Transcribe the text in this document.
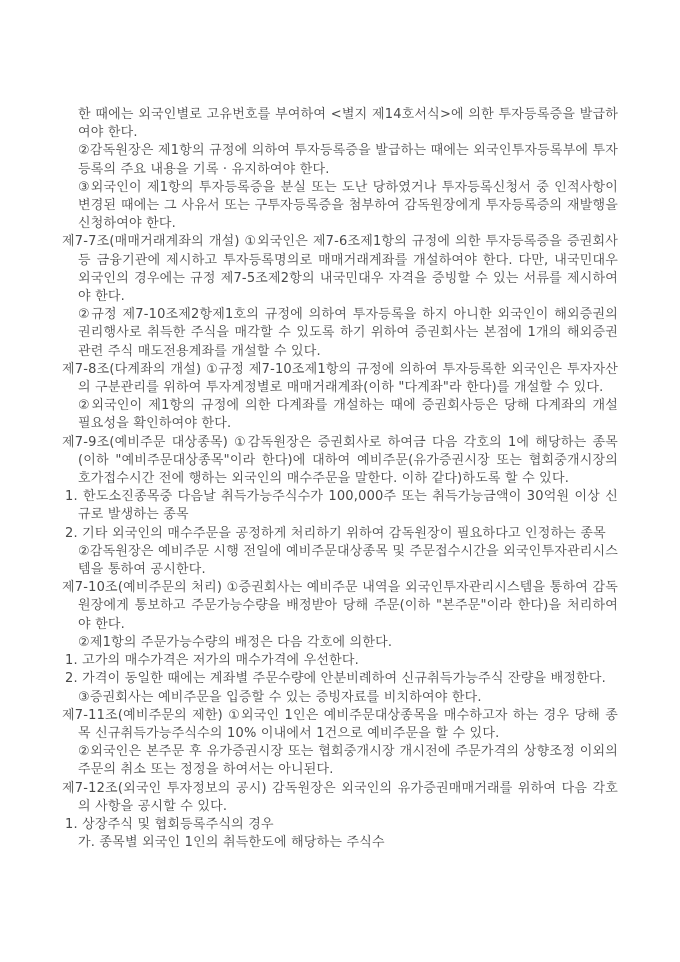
한 때에는 외국인별로 고유번호를 부여하여 <별지 제14호서식>에 의한 투자등록증을 발급하여야 한다.

②감독원장은 제1항의 규정에 의하여 투자등록증을 발급하는 때에는 외국인투자등록부에 투자등록의 주요 내용을 기록 · 유지하여야 한다.

③외국인이 제1항의 투자등록증을 분실 또는 도난 당하였거나 투자등록신청서 중 인적사항이 변경된 때에는 그 사유서 또는 구투자등록증을 첨부하여 감독원장에게 투자등록증의 재발행을 신청하여야 한다.

제7-7조(매매거래계좌의 개설) ①외국인은 제7-6조제1항의 규정에 의한 투자등록증을 증권회사등 금융기관에 제시하고 투자등록명의로 매매거래계좌를 개설하여야 한다. 다만, 내국민대우 외국인의 경우에는 규정 제7-5조제2항의 내국민대우 자격을 증빙할 수 있는 서류를 제시하여야 한다.

②규정 제7-10조제2항제1호의 규정에 의하여 투자등록을 하지 아니한 외국인이 해외증권의 권리행사로 취득한 주식을 매각할 수 있도록 하기 위하여 증권회사는 본점에 1개의 해외증권관련 주식 매도전용계좌를 개설할 수 있다.

제7-8조(다계좌의 개설) ①규정 제7-10조제1항의 규정에 의하여 투자등록한 외국인은 투자자산의 구분관리를 위하여 투자계정별로 매매거래계좌(이하 "다계좌"라 한다)를 개설할 수 있다.

②외국인이 제1항의 규정에 의한 다계좌를 개설하는 때에 증권회사등은 당해 다계좌의 개설 필요성을 확인하여야 한다.

제7-9조(예비주문 대상종목) ①감독원장은 증권회사로 하여금 다음 각호의 1에 해당하는 종목(이하 "예비주문대상종목"이라 한다)에 대하여 예비주문(유가증권시장 또는 협회중개시장의 호가접수시간 전에 행하는 외국인의 매수주문을 말한다. 이하 같다)하도록 할 수 있다.

1. 한도소진종목중 다음날 취득가능주식수가 100,000주 또는 취득가능금액이 30억원 이상 신규로 발생하는 종목

2. 기타 외국인의 매수주문을 공정하게 처리하기 위하여 감독원장이 필요하다고 인정하는 종목

②감독원장은 예비주문 시행 전일에 예비주문대상종목 및 주문접수시간을 외국인투자관리시스템을 통하여 공시한다.

제7-10조(예비주문의 처리) ①증권회사는 예비주문 내역을 외국인투자관리시스템을 통하여 감독원장에게 통보하고 주문가능수량을 배정받아 당해 주문(이하 "본주문"이라 한다)을 처리하여야 한다.

②제1항의 주문가능수량의 배정은 다음 각호에 의한다.

1. 고가의 매수가격은 저가의 매수가격에 우선한다.

2. 가격이 동일한 때에는 계좌별 주문수량에 안분비례하여 신규취득가능주식 잔량을 배정한다.

③증권회사는 예비주문을 입증할 수 있는 증빙자료를 비치하여야 한다.

제7-11조(예비주문의 제한) ①외국인 1인은 예비주문대상종목을 매수하고자 하는 경우 당해 종목 신규취득가능주식수의 10% 이내에서 1건으로 예비주문을 할 수 있다.

②외국인은 본주문 후 유가증권시장 또는 협회중개시장 개시전에 주문가격의 상향조정 이외의 주문의 취소 또는 정정을 하여서는 아니된다.

제7-12조(외국인 투자정보의 공시) 감독원장은 외국인의 유가증권매매거래를 위하여 다음 각호의 사항을 공시할 수 있다.

1. 상장주식 및 협회등록주식의 경우

가. 종목별 외국인 1인의 취득한도에 해당하는 주식수
